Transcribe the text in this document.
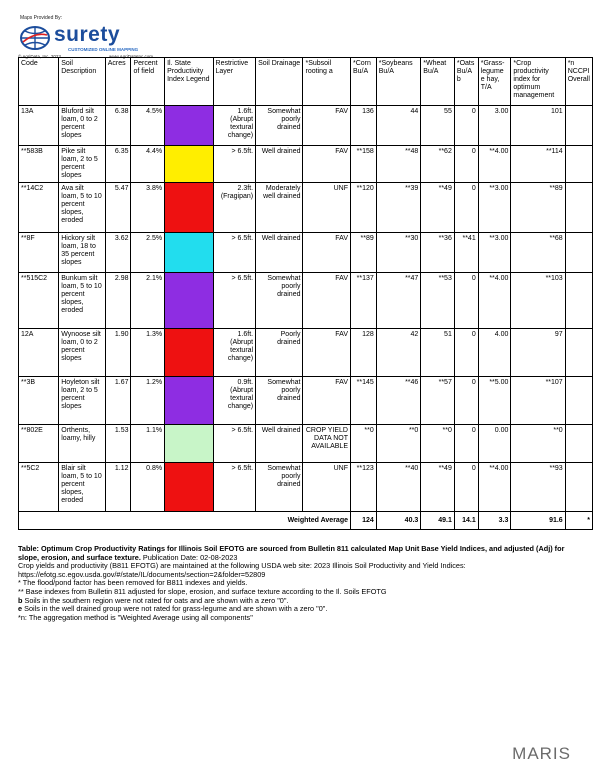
Maps Provided By:
surety
CUSTOMIZED ONLINE MAPPING
© AgriData, Inc. 2023	www.AgriDataInc.com
Code	Soil Description	Acres	Percent of field	Il. State Productivity Index Legend	Restrictive Layer	Soil Drainage	*Subsoil rooting a	*Corn Bu/A	*Soybeans Bu/A	*Wheat Bu/A	*Oats Bu/A b	*Grass-legume e hay, T/A	*Crop productivity index for optimum management	*n NCCPI Overall
13A	Bluford silt loam, 0 to 2 percent slopes	6.38	4.5%		1.6ft. (Abrupt textural change)	Somewhat poorly drained	FAV	136	44	55	0	3.00	101	
**583B	Pike silt loam, 2 to 5 percent slopes	6.35	4.4%		> 6.5ft.	Well drained	FAV	**158	**48	**62	0	**4.00	**114	
**14C2	Ava silt loam, 5 to 10 percent slopes, eroded	5.47	3.8%		2.3ft. (Fragipan)	Moderately well drained	UNF	**120	**39	**49	0	**3.00	**89	
**8F	Hickory silt loam, 18 to 35 percent slopes	3.62	2.5%		> 6.5ft.	Well drained	FAV	**89	**30	**36	**41	**3.00	**68	
**515C2	Bunkum silt loam, 5 to 10 percent slopes, eroded	2.98	2.1%		> 6.5ft.	Somewhat poorly drained	FAV	**137	**47	**53	0	**4.00	**103	
12A	Wynoose silt loam, 0 to 2 percent slopes	1.90	1.3%		1.6ft. (Abrupt textural change)	Poorly drained	FAV	128	42	51	0	4.00	97	
**3B	Hoyleton silt loam, 2 to 5 percent slopes	1.67	1.2%		0.9ft. (Abrupt textural change)	Somewhat poorly drained	FAV	**145	**46	**57	0	**5.00	**107	
**802E	Orthents, loamy, hilly	1.53	1.1%		> 6.5ft.	Well drained	CROP YIELD DATA NOT AVAILABLE	**0	**0	**0	0	0.00	**0	
**5C2	Blair silt loam, 5 to 10 percent slopes, eroded	1.12	0.8%		> 6.5ft.	Somewhat poorly drained	UNF	**123	**40	**49	0	**4.00	**93	
Weighted Average								124	40.3	49.1	14.1	3.3	91.6	*
Table: Optimum Crop Productivity Ratings for Illinois Soil EFOTG are sourced from Bulletin 811 calculated Map Unit Base Yield Indices, and adjusted (Adj) for slope, erosion, and surface texture. Publication Date: 02-08-2023
Crop yields and productivity (B811 EFOTG) are maintained at the following USDA web site: 2023 Illinois Soil Productivity and Yield Indices:
https://efotg.sc.egov.usda.gov/#/state/IL/documents/section=2&folder=52809
* The flood/pond factor has been removed for B811 indexes and yields.
** Base indexes from Bulletin 811 adjusted for slope, erosion, and surface texture according to the Il. Soils EFOTG
b Soils in the southern region were not rated for oats and are shown with a zero "0".
e Soils in the well drained group were not rated for grass-legume and are shown with a zero "0".
*n: The aggregation method is "Weighted Average using all components"
MARIS
